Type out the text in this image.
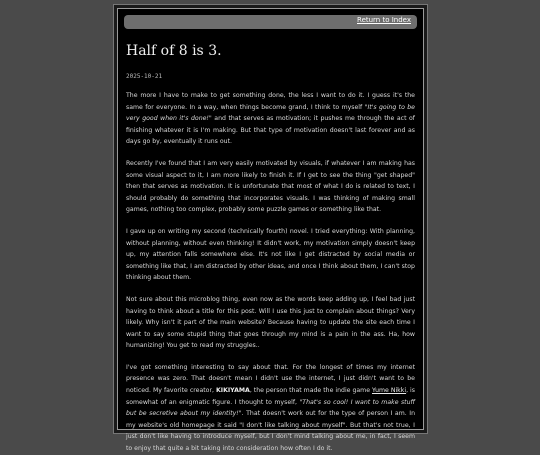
Return to Index
Half of 8 is 3.
2025-10-21

The more I have to make to get something done, the less I want to do it. I guess it's the same for everyone. In a way, when things become grand, I think to myself "It's going to be very good when it's done!" and that serves as motivation; it pushes me through the act of finishing whatever it is I'm making. But that type of motivation doesn't last forever and as days go by, eventually it runs out.

Recently I've found that I am very easily motivated by visuals, if whatever I am making has some visual aspect to it, I am more likely to finish it. If I get to see the thing "get shaped" then that serves as motivation. It is unfortunate that most of what I do is related to text, I should probably do something that incorporates visuals. I was thinking of making small games, nothing too complex, probably some puzzle games or something like that.

I gave up on writing my second (technically fourth) novel. I tried everything: With planning, without planning, without even thinking! It didn't work, my motivation simply doesn't keep up, my attention falls somewhere else. It's not like I get distracted by social media or something like that, I am distracted by other ideas, and once I think about them, I can't stop thinking about them.

Not sure about this microblog thing, even now as the words keep adding up, I feel bad just having to think about a title for this post. Will I use this just to complain about things? Very likely. Why isn't it part of the main website? Because having to update the site each time I want to say some stupid thing that goes through my mind is a pain in the ass. Ha, how humanizing! You get to read my struggles..

I've got something interesting to say about that. For the longest of times my internet presence was zero. That doesn't mean I didn't use the internet, I just didn't want to be noticed. My favorite creator, KIKIYAMA, the person that made the indie game Yume Nikki, is somewhat of an enigmatic figure. I thought to myself, "That's so cool! I want to make stuff but be secretive about my identity!". That doesn't work out for the type of person I am. In my website's old homepage it said "I don't like talking about myself". But that's not true, I just don't like having to introduce myself, but I don't mind talking about me, in fact, I seem to enjoy that quite a bit taking into consideration how often I do it.
